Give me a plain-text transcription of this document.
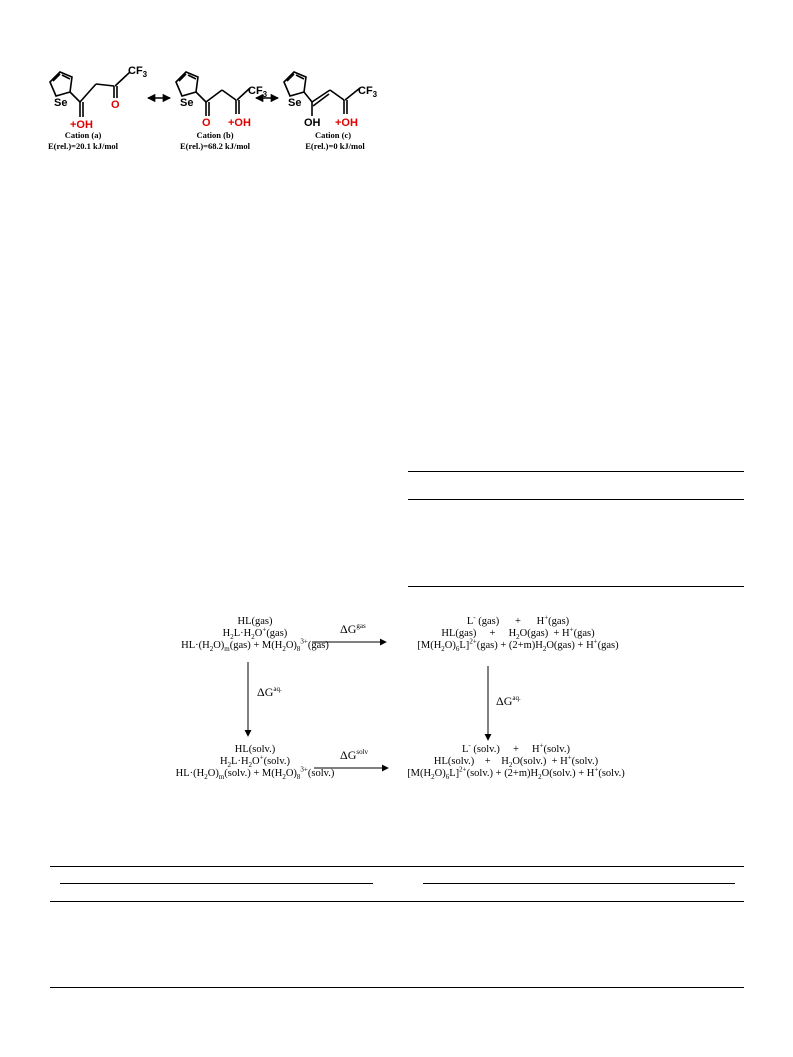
Se
$CF_3$
+OH
O	Se
$CF_3$
O +OH
Se
$CF_3$
OH +OH
Cation (a)
E(rel.)=20.1 kJ/mol
Cation (b)
E(rel.)=68.2 kJ/mol
Cation (c)
E(rel.)=0 kJ/mol
HL(gas)
$H_2L\cdot H_2O^+(gas)$
$HL\cdot(H_2O)_m(gas) + M(H_2O)_8^{3+}(gas)$
L- (gas)      +      H+(gas)
HL(gas)     +     $H_2O(gas) + H^+(gas)$
$[M(H_2O)_6L]^{2+}(gas) + (2+m)H_2O(gas) + H^+(gas)$
HL(solv.)
$H_2L\cdot H_2O^+(solv.)$
$HL\cdot(H_2O)_m(solv.)$ + $M(H_2O)_8^{3+}(solv.)$
L- (solv.)     +     H+(solv.)
HL(solv.)    +    $H_2O(solv.)$  + H+(solv.)
$[M(H_2O)_6L]^{2+}(solv.)$ + $(2+m)H_2O(solv.)$ + H+(solv.)
$\Delta G^{gas}$
$\Delta G^{aq.}$
$\Delta G^{aq.}$
$\Delta G^{solv}$
